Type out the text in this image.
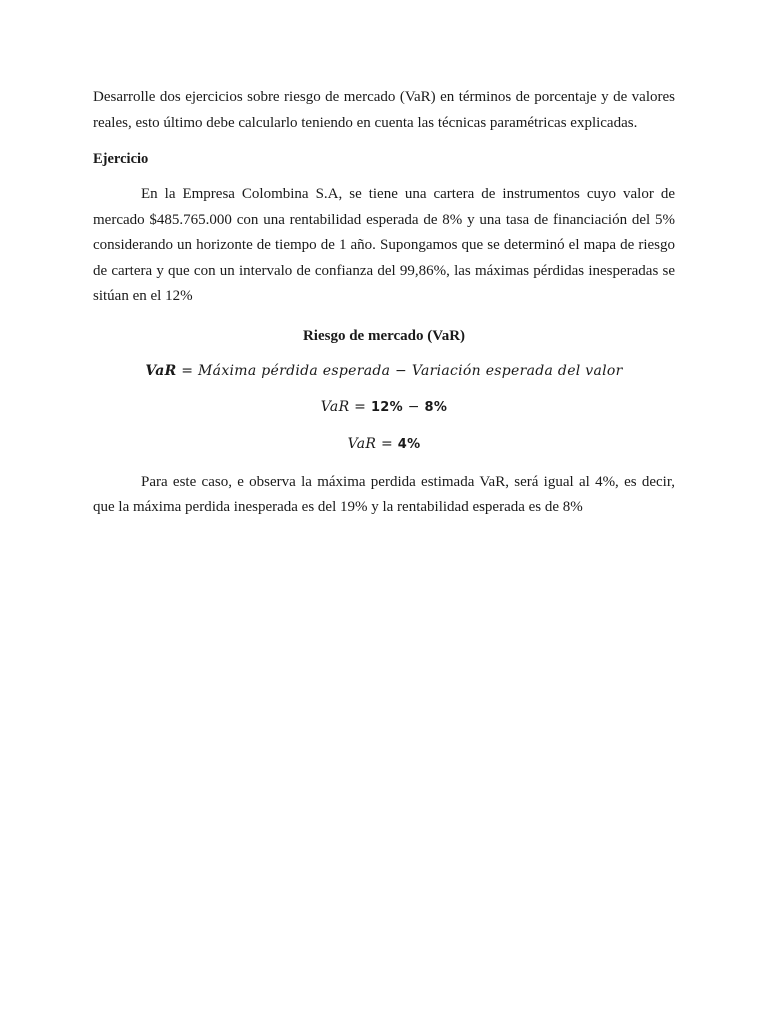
Desarrolle dos ejercicios sobre riesgo de mercado (VaR) en términos de porcentaje y de valores reales, esto último debe calcularlo teniendo en cuenta las técnicas paramétricas explicadas.

Ejercicio

En la Empresa Colombina S.A, se tiene una cartera de instrumentos cuyo valor de mercado $485.765.000 con una rentabilidad esperada de 8% y una tasa de financiación del 5% considerando un horizonte de tiempo de 1 año. Supongamos que se determinó el mapa de riesgo de cartera y que con un intervalo de confianza del 99,86%, las máximas pérdidas inesperadas se sitúan en el 12%

Riesgo de mercado (VaR)

VaR = Máxima pérdida esperada − Variación esperada del valor

VaR = 12% − 8%

VaR = 4%

Para este caso, e observa la máxima perdida estimada VaR, será igual al 4%, es decir, que la máxima perdida inesperada es del 19% y la rentabilidad esperada es de 8%
